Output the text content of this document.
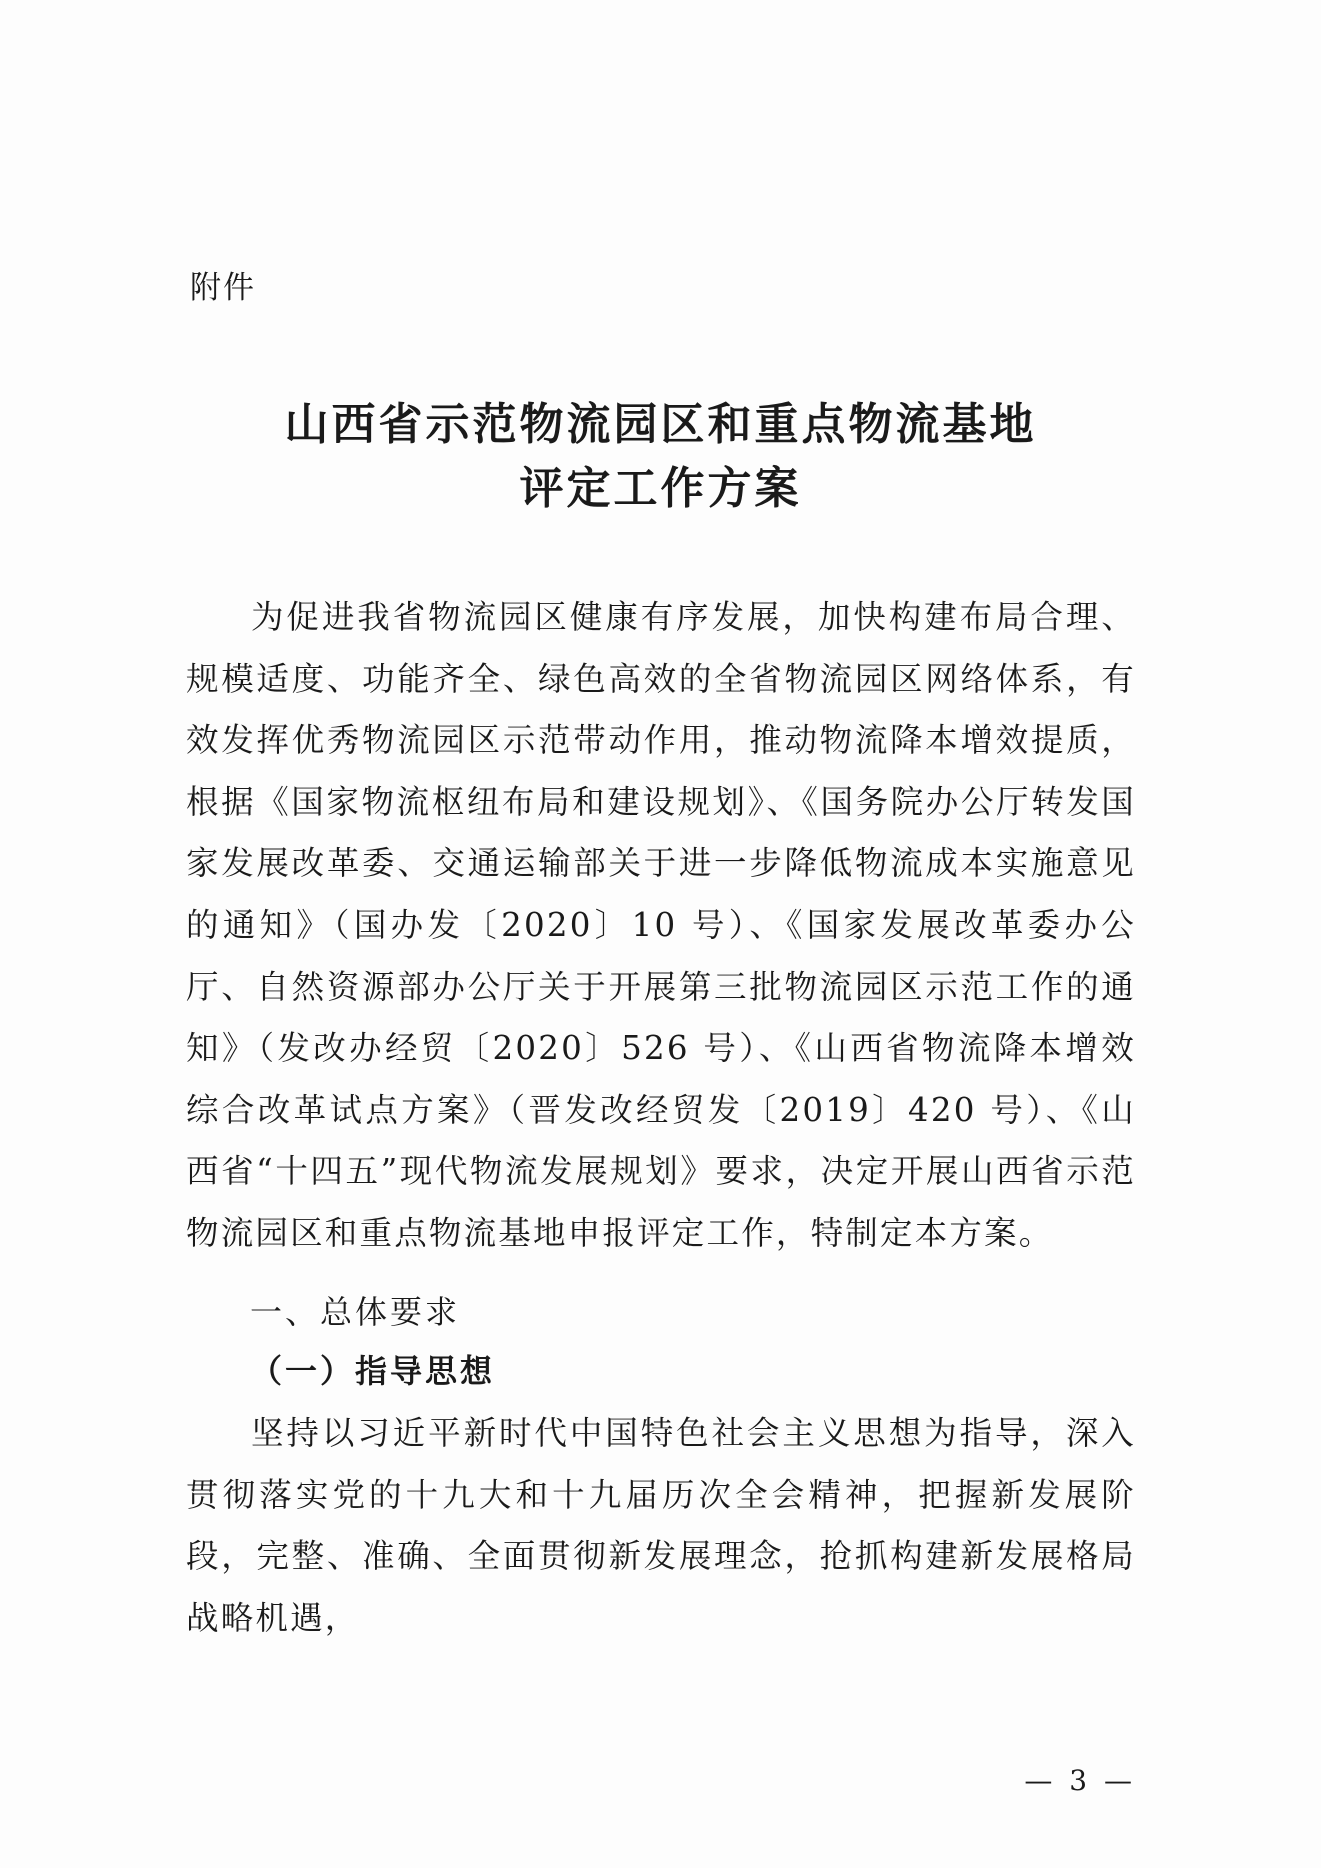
附件
山西省示范物流园区和重点物流基地
评定工作方案
为促进我省物流园区健康有序发展，加快构建布局合理、规模适度、功能齐全、绿色高效的全省物流园区网络体系，有效发挥优秀物流园区示范带动作用，推动物流降本增效提质，根据《国家物流枢纽布局和建设规划》、《国务院办公厅转发国家发展改革委、交通运输部关于进一步降低物流成本实施意见的通知》（国办发〔2020〕10 号）、《国家发展改革委办公厅、自然资源部办公厅关于开展第三批物流园区示范工作的通知》（发改办经贸〔2020〕526 号）、《山西省物流降本增效综合改革试点方案》（晋发改经贸发〔2019〕420 号）、《山西省“十四五”现代物流发展规划》要求，决定开展山西省示范物流园区和重点物流基地申报评定工作，特制定本方案。
一、总体要求
（一）指导思想
坚持以习近平新时代中国特色社会主义思想为指导，深入贯彻落实党的十九大和十九届历次全会精神，把握新发展阶段，完整、准确、全面贯彻新发展理念，抢抓构建新发展格局战略机遇，
— 3 —
